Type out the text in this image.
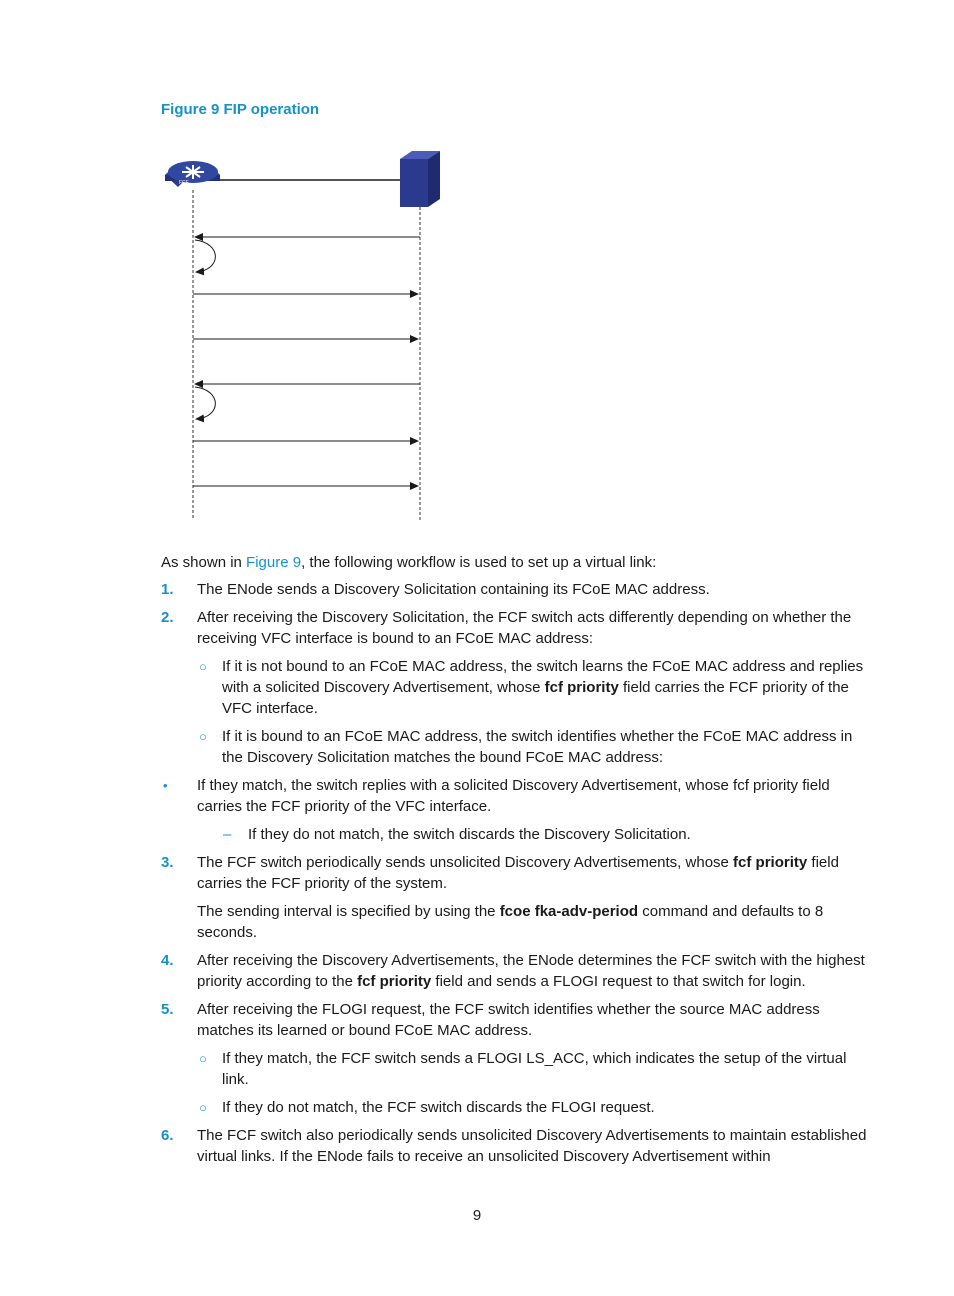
Figure 9 FIP operation
FCF
As shown in Figure 9, the following workflow is used to set up a virtual link:
1.	The ENode sends a Discovery Solicitation containing its FCoE MAC address.
2.	After receiving the Discovery Solicitation, the FCF switch acts differently depending on whether the receiving VFC interface is bound to an FCoE MAC address:
○	If it is not bound to an FCoE MAC address, the switch learns the FCoE MAC address and replies with a solicited Discovery Advertisement, whose fcf priority field carries the FCF priority of the VFC interface.
○	If it is bound to an FCoE MAC address, the switch identifies whether the FCoE MAC address in the Discovery Solicitation matches the bound FCoE MAC address:
•	If they match, the switch replies with a solicited Discovery Advertisement, whose fcf priority field carries the FCF priority of the VFC interface.
–	If they do not match, the switch discards the Discovery Solicitation.
3.	The FCF switch periodically sends unsolicited Discovery Advertisements, whose fcf priority field carries the FCF priority of the system.
The sending interval is specified by using the fcoe fka-adv-period command and defaults to 8 seconds.
4.	After receiving the Discovery Advertisements, the ENode determines the FCF switch with the highest priority according to the fcf priority field and sends a FLOGI request to that switch for login.
5.	After receiving the FLOGI request, the FCF switch identifies whether the source MAC address matches its learned or bound FCoE MAC address.
○	If they match, the FCF switch sends a FLOGI LS_ACC, which indicates the setup of the virtual link.
○	If they do not match, the FCF switch discards the FLOGI request.
6.	The FCF switch also periodically sends unsolicited Discovery Advertisements to maintain established virtual links. If the ENode fails to receive an unsolicited Discovery Advertisement within
9
